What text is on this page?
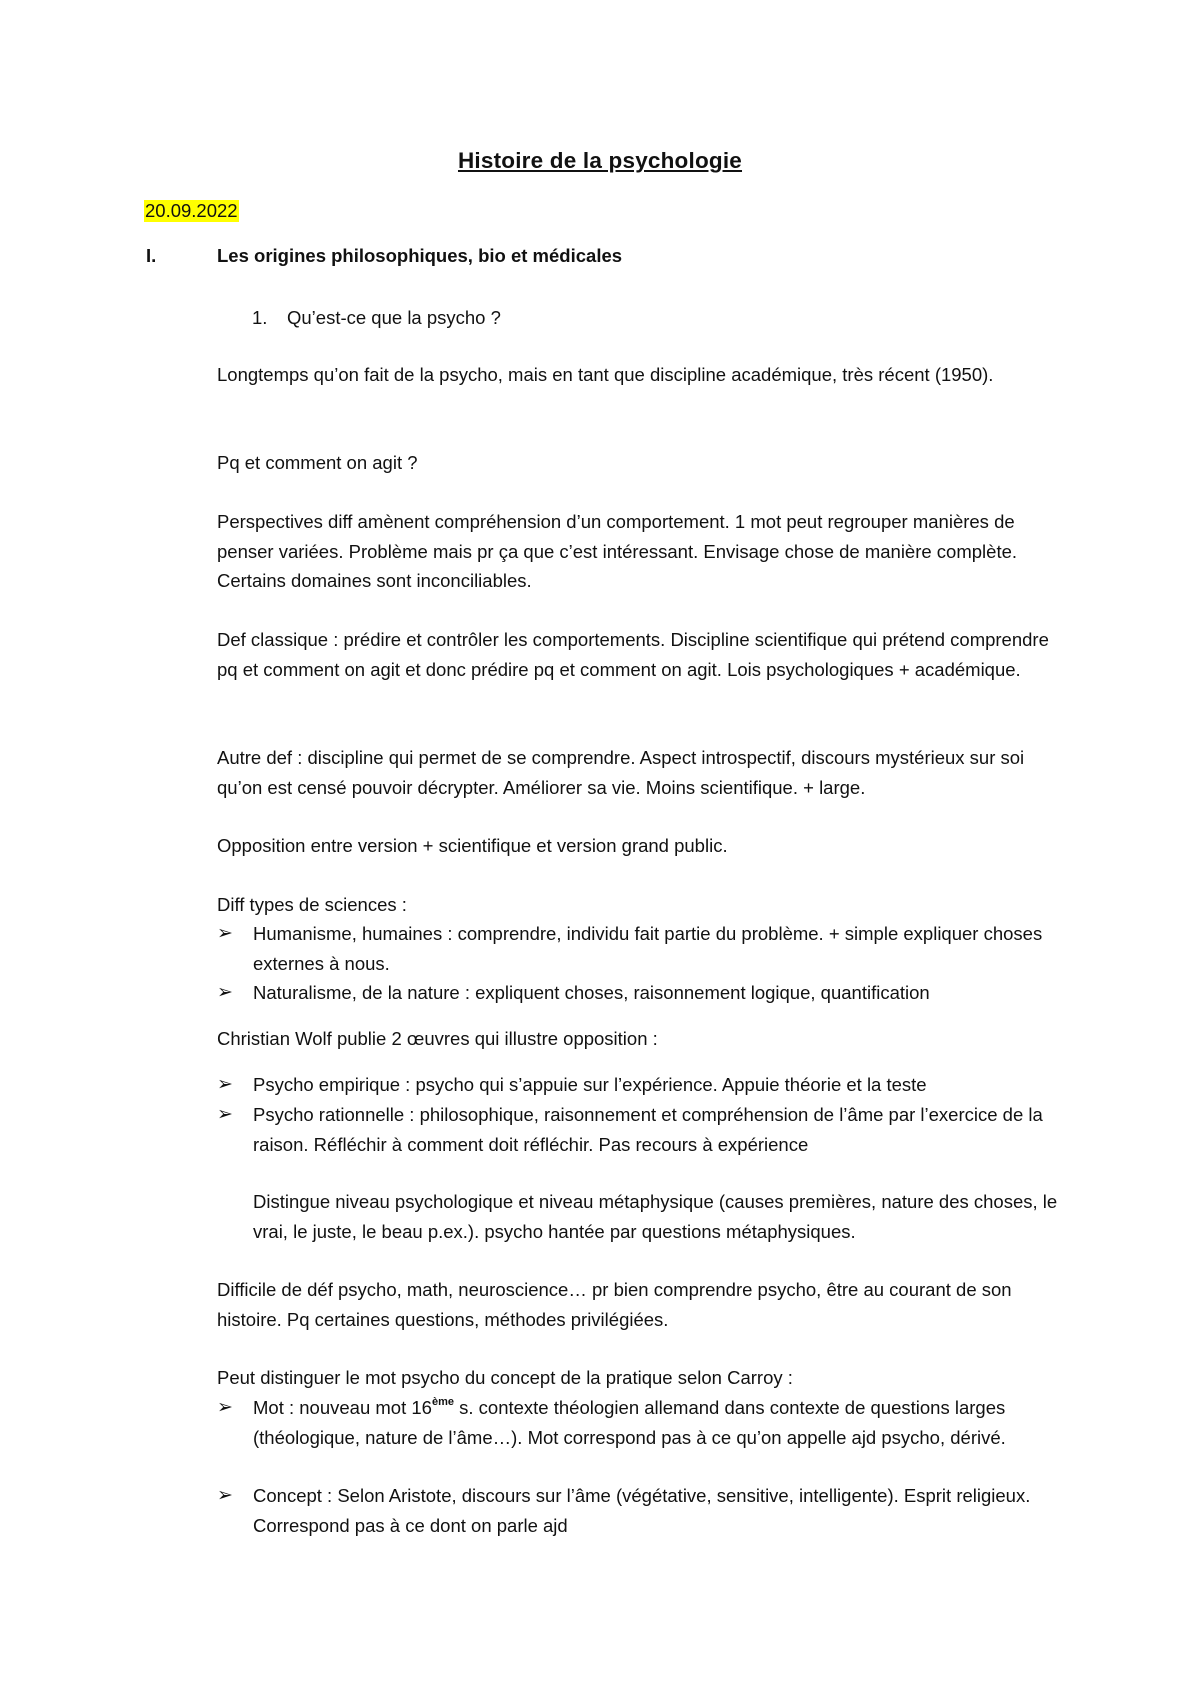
Histoire de la psychologie
20.09.2022
I.	Les origines philosophiques, bio et médicales
1. Qu’est-ce que la psycho ?

Longtemps qu’on fait de la psycho, mais en tant que discipline académique, très récent (1950).

Pq et comment on agit ?

Perspectives diff amènent compréhension d’un comportement. 1 mot peut regrouper manières de penser variées. Problème mais pr ça que c’est intéressant. Envisage chose de manière complète. Certains domaines sont inconciliables.

Def classique : prédire et contrôler les comportements. Discipline scientifique qui prétend comprendre pq et comment on agit et donc prédire pq et comment on agit. Lois psychologiques + académique.

Autre def : discipline qui permet de se comprendre. Aspect introspectif, discours mystérieux sur soi qu’on est censé pouvoir décrypter. Améliorer sa vie. Moins scientifique. + large.

Opposition entre version + scientifique et version grand public.

Diff types de sciences :

➢ Humanisme, humaines : comprendre, individu fait partie du problème. + simple expliquer choses externes à nous.
➢ Naturalisme, de la nature : expliquent choses, raisonnement logique, quantification

Christian Wolf publie 2 œuvres qui illustre opposition :

➢ Psycho empirique : psycho qui s’appuie sur l’expérience. Appuie théorie et la teste
➢ Psycho rationnelle : philosophique, raisonnement et compréhension de l’âme par l’exercice de la raison. Réfléchir à comment doit réfléchir. Pas recours à expérience

Distingue niveau psychologique et niveau métaphysique (causes premières, nature des choses, le vrai, le juste, le beau p.ex.). psycho hantée par questions métaphysiques.

Difficile de déf psycho, math, neuroscience… pr bien comprendre psycho, être au courant de son histoire. Pq certaines questions, méthodes privilégiées.

Peut distinguer le mot psycho du concept de la pratique selon Carroy :

➢ Mot : nouveau mot 16ème s. contexte théologien allemand dans contexte de questions larges (théologique, nature de l’âme…). Mot correspond pas à ce qu’on appelle ajd psycho, dérivé.
➢ Concept : Selon Aristote, discours sur l’âme (végétative, sensitive, intelligente). Esprit religieux. Correspond pas à ce dont on parle ajd
